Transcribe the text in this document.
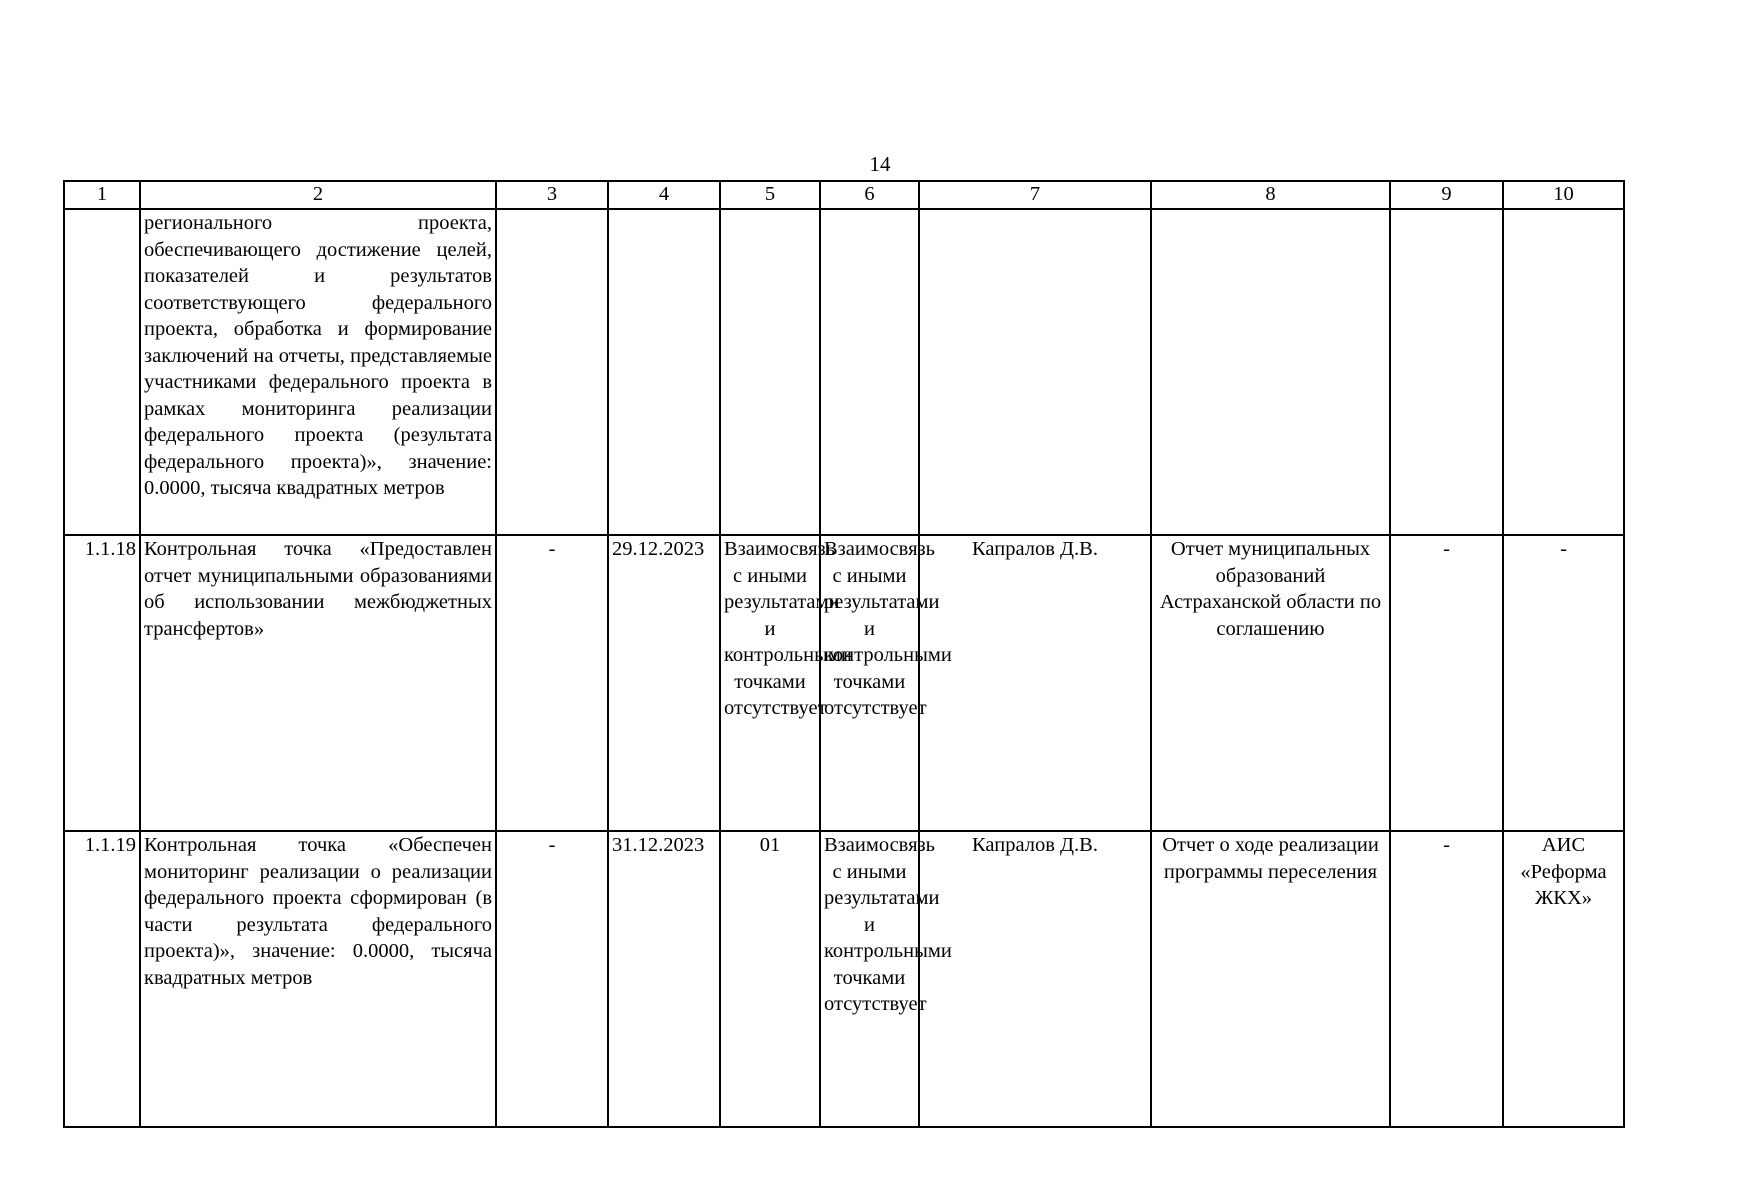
14
1	2	3	4	5	6	7	8	9	10
	регионального проекта, обеспечивающего достижение целей, показателей и результатов соответствующего федерального проекта, обработка и формирование заключений на отчеты, представляемые участниками федерального проекта в рамках мониторинга реализации федерального проекта (результата федерального проекта)», значение: 0.0000, тысяча квадратных метров								
1.1.18	Контрольная точка «Предоставлен отчет муниципальными образованиями об использовании межбюджетных трансфертов»	-	29.12.2023	Взаимосвязь с иными результатами и контрольными точками отсутствует	Взаимосвязь с иными результатами и контрольными точками отсутствует	Капралов Д.В.	Отчет муниципальных образований Астраханской области по соглашению	-	-
1.1.19	Контрольная точка «Обеспечен мониторинг реализации о реализации федерального проекта сформирован (в части результата федерального проекта)», значение: 0.0000, тысяча квадратных метров	-	31.12.2023	01	Взаимосвязь с иными результатами и контрольными точками отсутствует	Капралов Д.В.	Отчет о ходе реализации программы переселения	-	АИС «Реформа ЖКХ»
